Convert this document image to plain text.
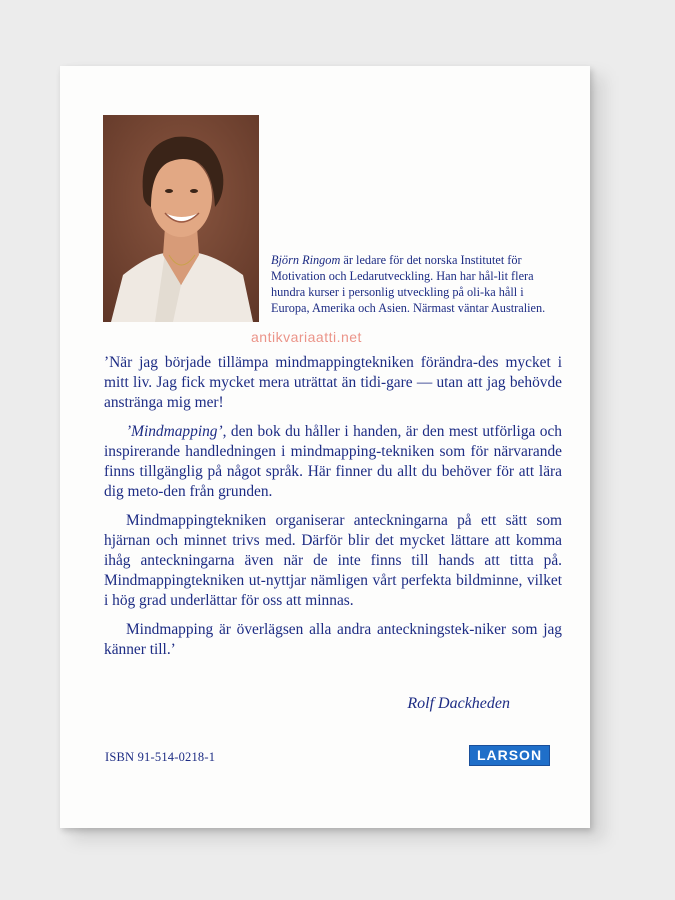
Björn Ringom är ledare för det norska Institutet för Motivation och Ledarutveckling. Han har hål-lit flera hundra kurser i personlig utveckling på oli-ka håll i Europa, Amerika och Asien. Närmast väntar Australien.

’När jag började tillämpa mindmappingtekniken förändra-des mycket i mitt liv. Jag fick mycket mera uträttat än tidi-gare — utan att jag behövde anstränga mig mer!

’Mindmapping’, den bok du håller i handen, är den mest utförliga och inspirerande handledningen i mindmapping-tekniken som för närvarande finns tillgänglig på något språk. Här finner du allt du behöver för att lära dig meto-den från grunden.

Mindmappingtekniken organiserar anteckningarna på ett sätt som hjärnan och minnet trivs med. Därför blir det mycket lättare att komma ihåg anteckningarna även när de inte finns till hands att titta på. Mindmappingtekniken ut-nyttjar nämligen vårt perfekta bildminne, vilket i hög grad underlättar för oss att minnas.

Mindmapping är överlägsen alla andra anteckningstek-niker som jag känner till.’

Rolf Dackheden
ISBN 91-514-0218-1	LARSON
antikvariaatti.net
